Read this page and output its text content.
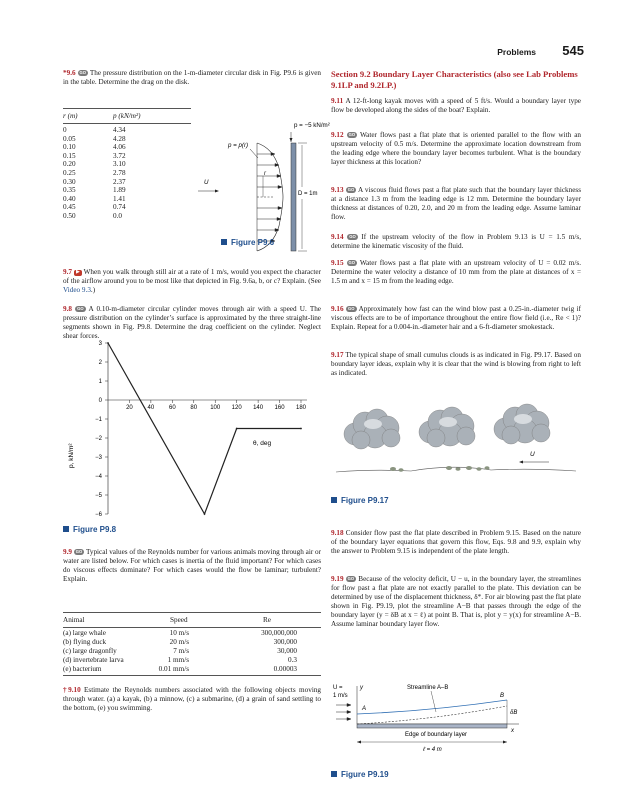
Problems 545

*9.6 GO The pressure distribution on the 1-m-diameter circular disk in Fig. P9.6 is given in the table. Determine the drag on the disk.

r (m)	p (kN/m²)
0	4.34
0.05	4.28
0.10	4.06
0.15	3.72
0.20	3.10
0.25	2.78
0.30	2.37
0.35	1.89
0.40	1.41
0.45	0.74
0.50	0.0
p = −5 kN/m²
p = p(r)
r
U
D = 1m
Figure P9.6

9.7 ▶ When you walk through still air at a rate of 1 m/s, would you expect the character of the airflow around you to be most like that depicted in Fig. 9.6a, b, or c? Explain. (See Video 9.3.)

9.8 GO A 0.10-m-diameter circular cylinder moves through air with a speed U. The pressure distribution on the cylinder’s surface is approximated by the three straight-line segments shown in Fig. P9.8. Determine the drag coefficient on the cylinder. Neglect shear forces.

p, kN/m²	θ, deg
3
2
1
0
−1
−2
−3
−4
−5
−6
20 40 60 80 100 120 140 160 180
Figure P9.8

9.9 GO Typical values of the Reynolds number for various animals moving through air or water are listed below. For which cases is inertia of the fluid important? For which cases do viscous effects dominate? For which cases would the flow be laminar; turbulent? Explain.

Animal	Speed	Re
(a) large whale	10 m/s	300,000,000
(b) flying duck	20 m/s	300,000
(c) large dragonfly	7 m/s	30,000
(d) invertebrate larva	1 mm/s	0.3
(e) bacterium	0.01 mm/s	0.00003

†9.10 Estimate the Reynolds numbers associated with the following objects moving through water. (a) a kayak, (b) a minnow, (c) a submarine, (d) a grain of sand settling to the bottom, (e) you swimming.

Section 9.2 Boundary Layer Characteristics (also see Lab Problems 9.1LP and 9.2LP.)

9.11 A 12-ft-long kayak moves with a speed of 5 ft/s. Would a boundary layer type flow be developed along the sides of the boat? Explain.

9.12 GO Water flows past a flat plate that is oriented parallel to the flow with an upstream velocity of 0.5 m/s. Determine the approximate location downstream from the leading edge where the boundary layer becomes turbulent. What is the boundary layer thickness at this location?

9.13 GO A viscous fluid flows past a flat plate such that the boundary layer thickness at a distance 1.3 m from the leading edge is 12 mm. Determine the boundary layer thickness at distances of 0.20, 2.0, and 20 m from the leading edge. Assume laminar flow.

9.14 GO If the upstream velocity of the flow in Problem 9.13 is U = 1.5 m/s, determine the kinematic viscosity of the fluid.

9.15 GO Water flows past a flat plate with an upstream velocity of U = 0.02 m/s. Determine the water velocity a distance of 10 mm from the plate at distances of x = 1.5 m and x = 15 m from the leading edge.

9.16 GO Approximately how fast can the wind blow past a 0.25-in.-diameter twig if viscous effects are to be of importance throughout the entire flow field (i.e., Re < 1)? Explain. Repeat for a 0.004-in.-diameter hair and a 6-ft-diameter smokestack.

9.17 The typical shape of small cumulus clouds is as indicated in Fig. P9.17. Based on boundary layer ideas, explain why it is clear that the wind is blowing from right to left as indicated.

U
Figure P9.17

9.18 Consider flow past the flat plate described in Problem 9.15. Based on the nature of the boundary layer equations that govern this flow, Eqs. 9.8 and 9.9, explain why the answer to Problem 9.15 is independent of the plate length.

9.19 GO Because of the velocity deficit, U − u, in the boundary layer, the streamlines for flow past a flat plate are not exactly parallel to the plate. This deviation can be determined by use of the displacement thickness, δ*. For air blowing past the flat plate shown in Fig. P9.19, plot the streamline A−B that passes through the edge of the boundary layer (y = δB at x = ℓ) at point B. That is, plot y = y(x) for streamline A−B. Assume laminar boundary layer flow.

U =
1 m/s
y
x
Streamline A–B
A
B
δB
Edge of boundary layer
ℓ = 4 m
Figure P9.19
